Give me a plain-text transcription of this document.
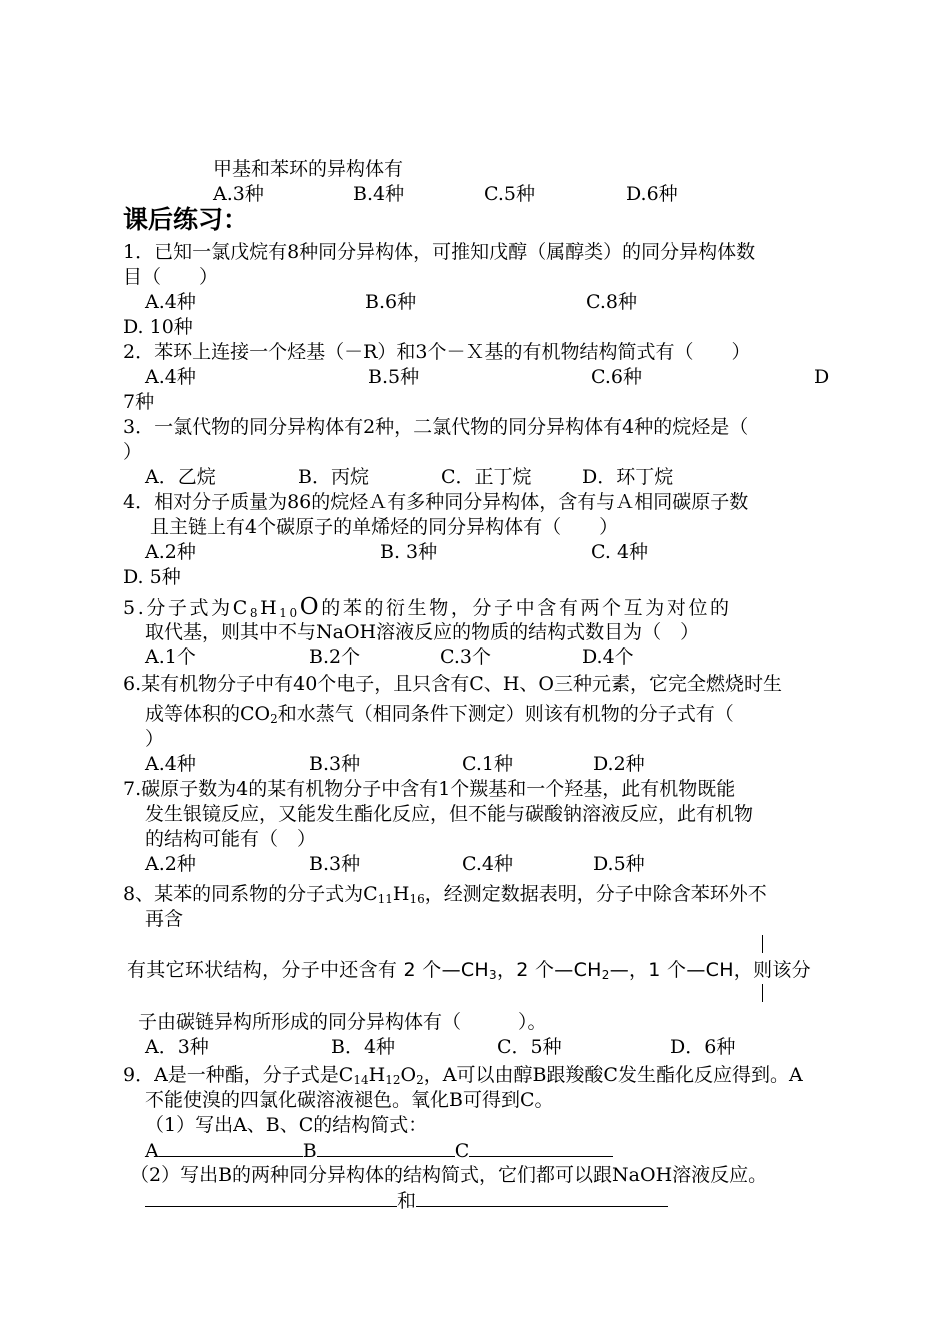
甲基和苯环的异构体有
A.3种	B.4种	C.5种	D.6种
课后练习：
1．已知一氯戊烷有8种同分异构体，可推知戊醇（属醇类）的同分异构体数
目（　　）
A.4种	B.6种	C.8种
D. 10种
2．苯环上连接一个烃基（－R）和3个－Ｘ基的有机物结构简式有（　　）
A.4种	B.5种	C.6种	D
7种
3．一氯代物的同分异构体有2种，二氯代物的同分异构体有4种的烷烃是（
）
A．乙烷	B．丙烷	C．正丁烷	D．环丁烷
4．相对分子质量为86的烷烃Ａ有多种同分异构体，含有与Ａ相同碳原子数
且主链上有4个碳原子的单烯烃的同分异构体有（　　）
A.2种	B. 3种	C. 4种
D. 5种
5.分子式为$C_8H_{10}O$的苯的衍生物，分子中含有两个互为对位的
取代基，则其中不与NaOH溶液反应的物质的结构式数目为（　）
A.1个	B.2个	C.3个	D.4个
6.某有机物分子中有40个电子，且只含有C、H、O三种元素，它完全燃烧时生
成等体积的$CO_2$和水蒸气（相同条件下测定）则该有机物的分子式有（
）
A.4种	B.3种	C.1种	D.2种
7.碳原子数为4的某有机物分子中含有1个羰基和一个羟基，此有机物既能
发生银镜反应，又能发生酯化反应，但不能与碳酸钠溶液反应，此有机物
的结构可能有（　）
A.2种	B.3种	C.4种	D.5种
8、某苯的同系物的分子式为$C_{11}H_{16}$，经测定数据表明，分子中除含苯环外不
再含
有其它环状结构，分子中还含有 2 个$—CH_3$，2 个$—CH_2—$，1 个—CH，则该分
子由碳链异构所形成的同分异构体有（　　　）。
A．3种	B．4种	C．5种	D．6种
9．A是一种酯，分子式是$C_{14}H_{12}O_2$，A可以由醇B跟羧酸C发生酯化反应得到。A
不能使溴的四氯化碳溶液褪色。氧化B可得到C。
（1）写出A、B、C的结构简式：
A	B	C
（2）写出B的两种同分异构体的结构简式，它们都可以跟NaOH溶液反应。
和
